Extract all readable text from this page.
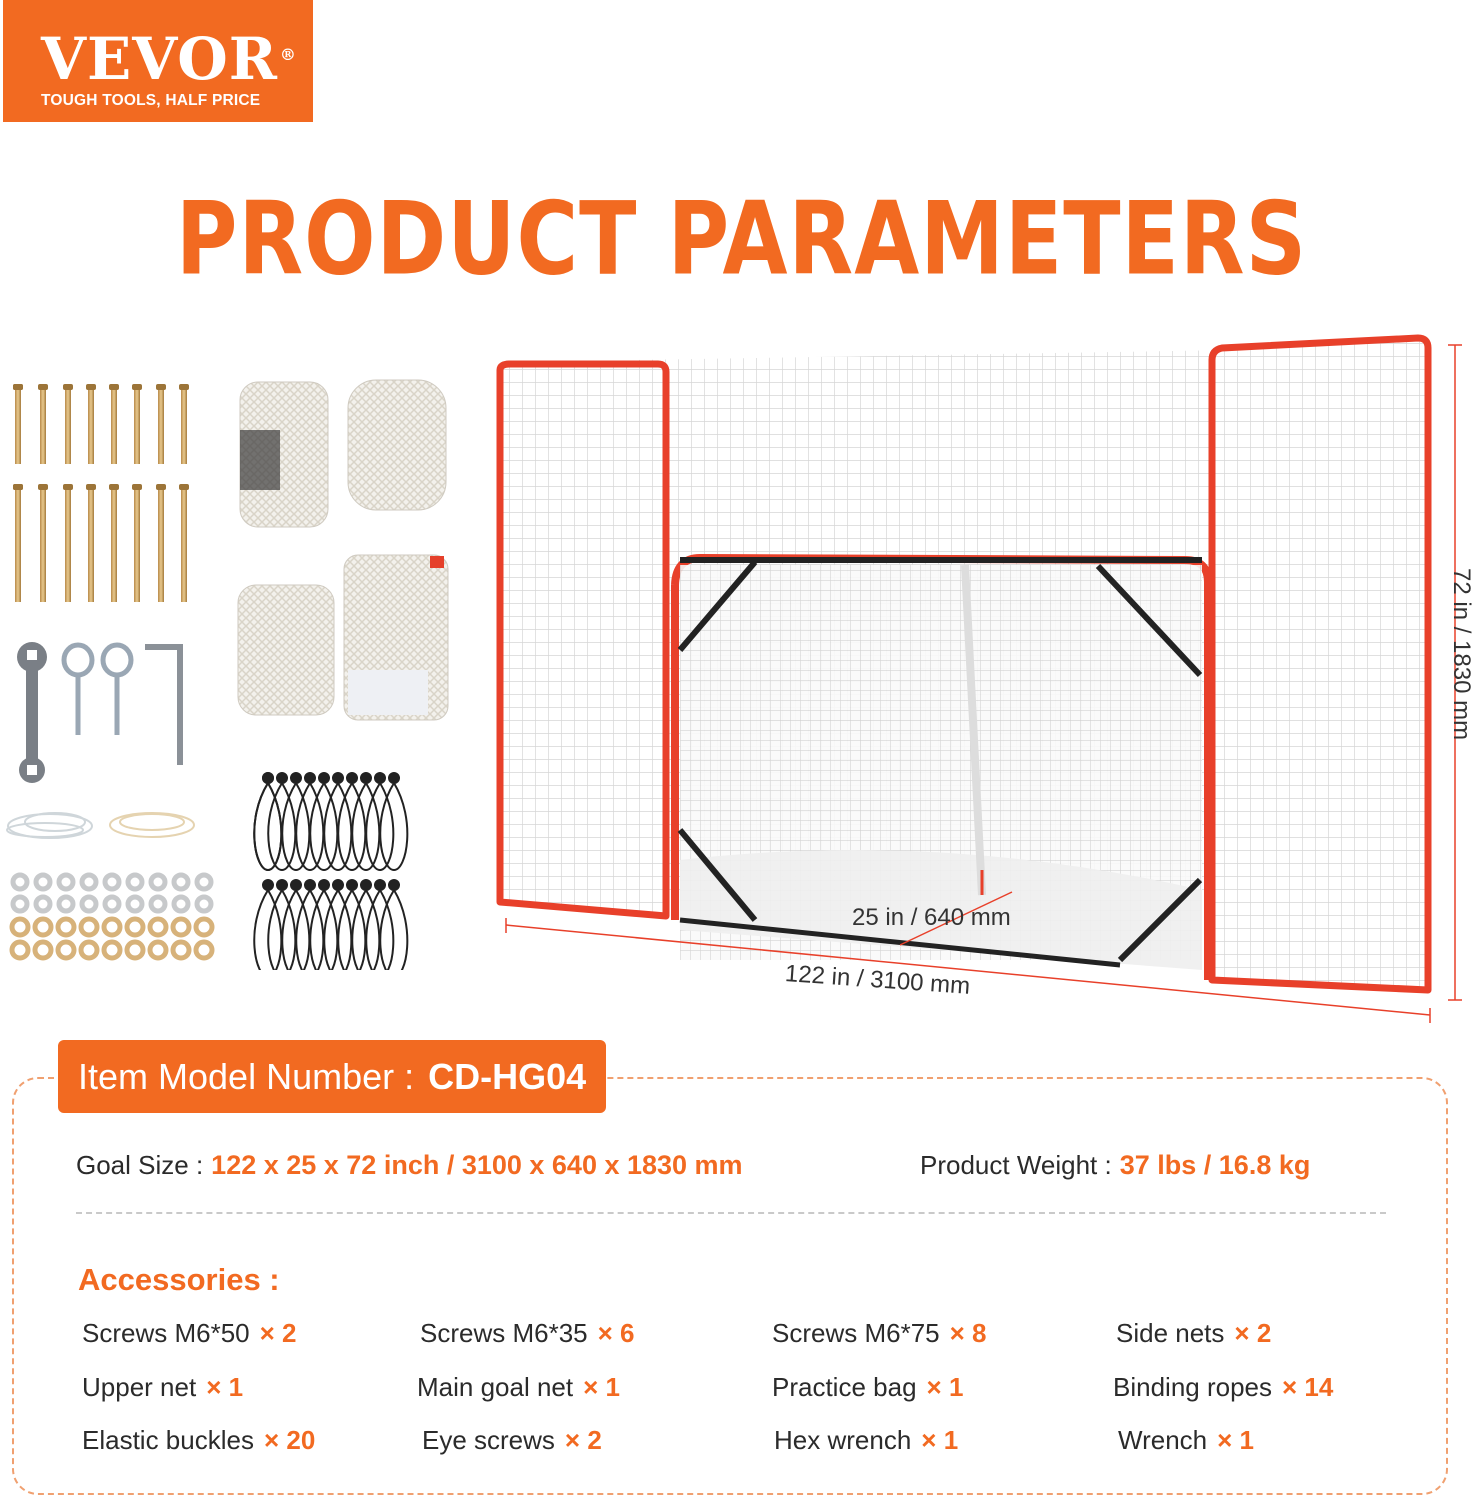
VEVOR ®
TOUGH TOOLS, HALF PRICE
PRODUCT PARAMETERS
72 in / 1830 mm
25 in / 640 mm
122 in / 3100 mm
Item Model Number : CD-HG04
Goal Size : 122 x 25 x 72 inch / 3100 x 640 x 1830 mm	Product Weight : 37 lbs / 16.8 kg
Accessories :
Screws M6*50 × 2	Screws M6*35 × 6	Screws M6*75 × 8	Side nets × 2
Upper net × 1	Main goal net × 1	Practice bag × 1	Binding ropes × 14
Elastic buckles × 20	Eye screws × 2	Hex wrench × 1	Wrench × 1
